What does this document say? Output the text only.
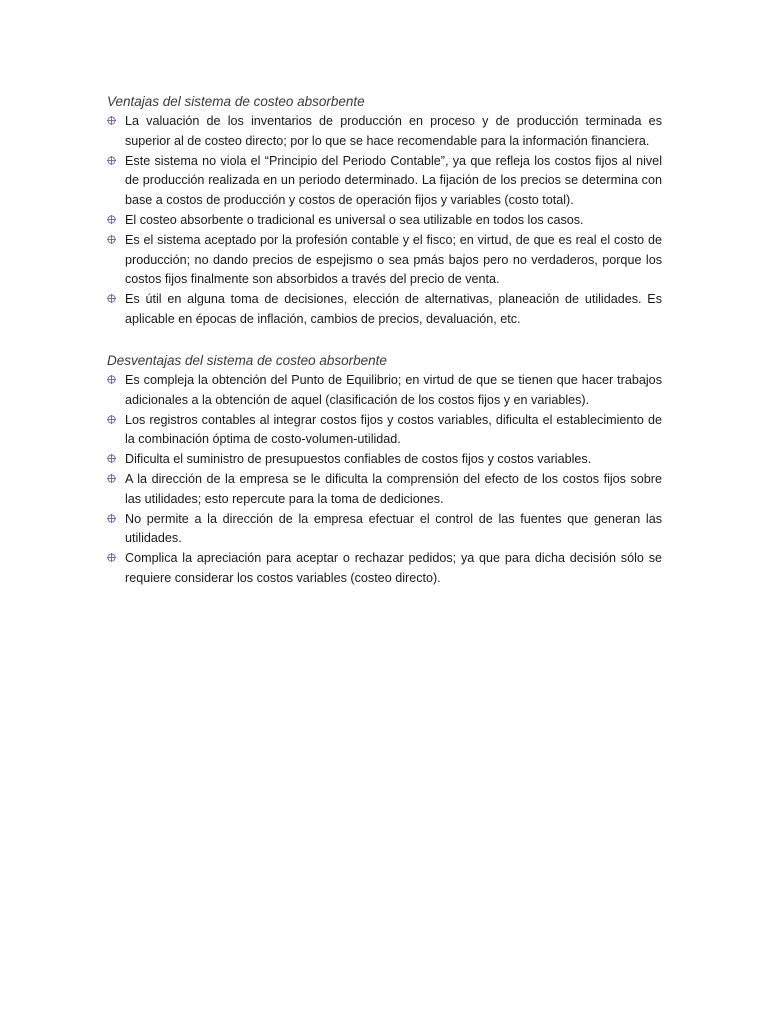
Ventajas del sistema de costeo absorbente

La valuación de los inventarios de producción en proceso y de producción terminada es superior al de costeo directo; por lo que se hace recomendable para la información financiera.
Este sistema no viola el “Principio del Periodo Contable”, ya que refleja los costos fijos al nivel de producción realizada en un periodo determinado. La fijación de los precios se determina con base a costos de producción y costos de operación fijos y variables (costo total).
El costeo absorbente o tradicional es universal o sea utilizable en todos los casos.
Es el sistema aceptado por la profesión contable y el fisco; en virtud, de que es real el costo de producción; no dando precios de espejismo o sea pmás bajos pero no verdaderos, porque los costos fijos finalmente son absorbidos a través del precio de venta.
Es útil en alguna toma de decisiones, elección de alternativas, planeación de utilidades. Es aplicable en épocas de inflación, cambios de precios, devaluación, etc.

Desventajas del sistema de costeo absorbente

Es compleja la obtención del Punto de Equilibrio; en virtud de que se tienen que hacer trabajos adicionales a la obtención de aquel (clasificación de los costos fijos y en variables).
Los registros contables al integrar costos fijos y costos variables, dificulta el establecimiento de la combinación óptima de costo-volumen-utilidad.
Dificulta el suministro de presupuestos confiables de costos fijos y costos variables.
A la dirección de la empresa se le dificulta la comprensión del efecto de los costos fijos sobre las utilidades; esto repercute para la toma de dediciones.
No permite a la dirección de la empresa efectuar el control de las fuentes que generan las utilidades.
Complica la apreciación para aceptar o rechazar pedidos; ya que para dicha decisión sólo se requiere considerar los costos variables (costeo directo).
